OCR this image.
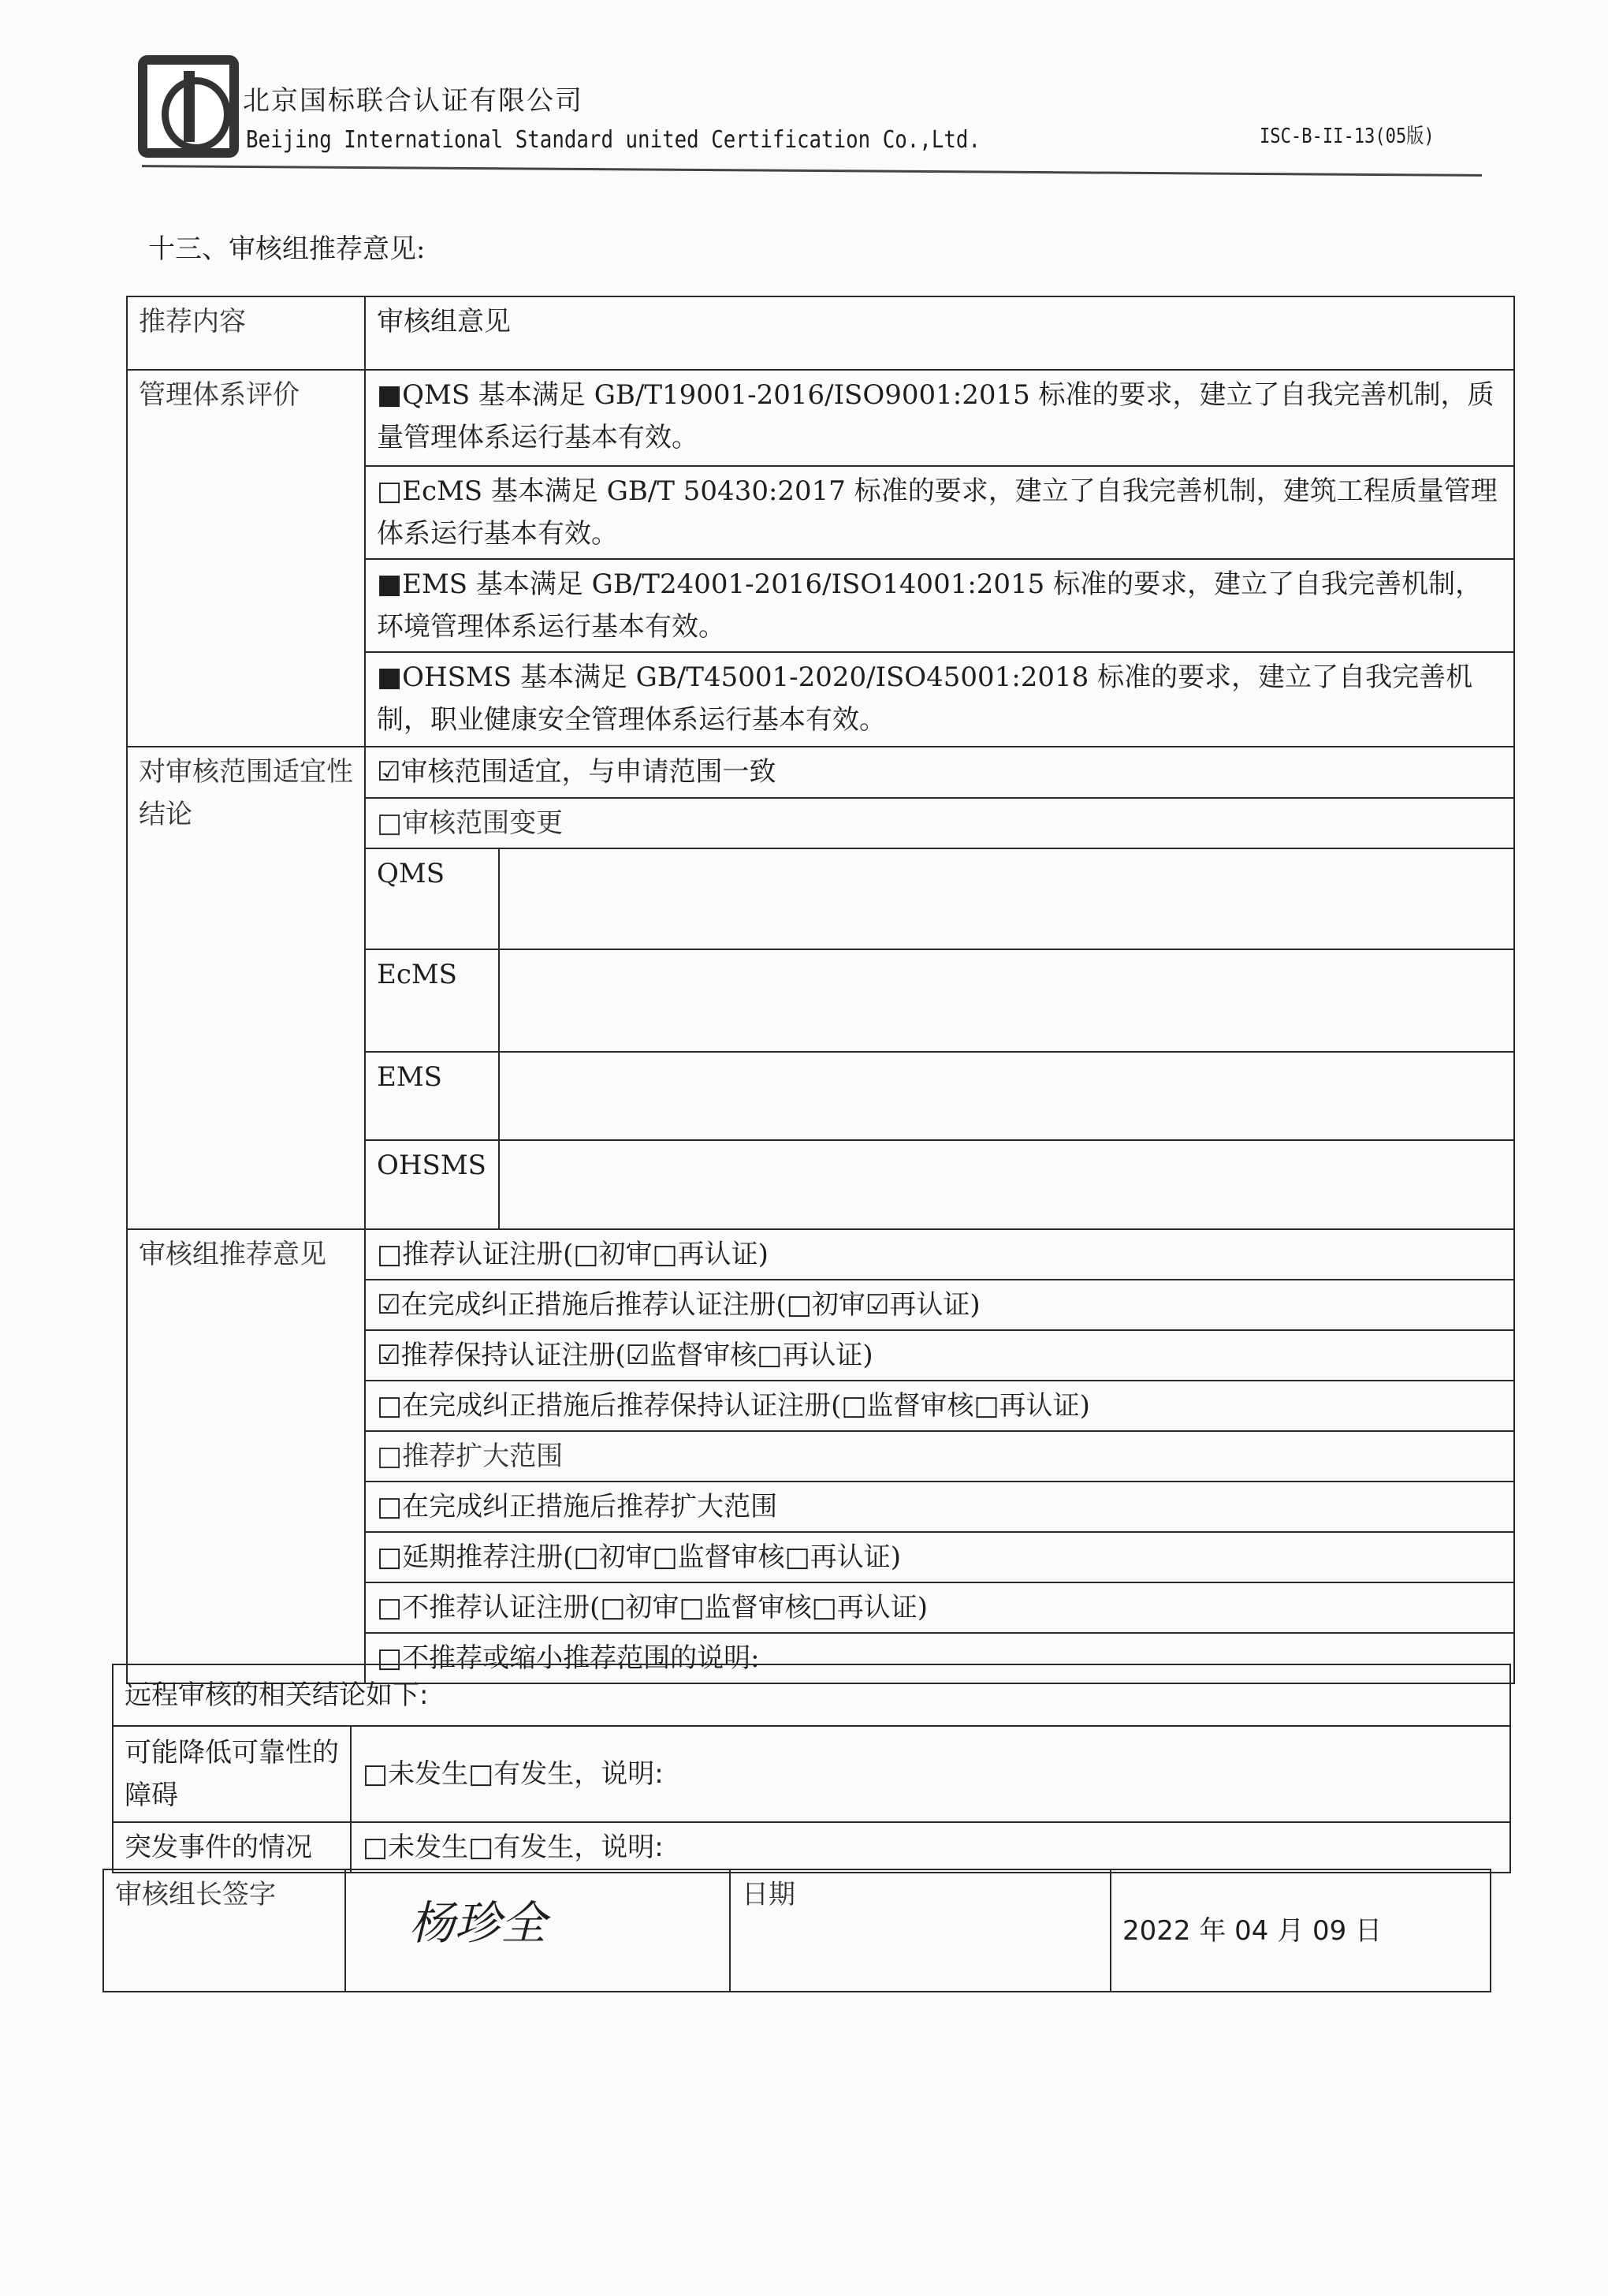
北京国标联合认证有限公司
Beijing International Standard united Certification Co.,Ltd.	ISC-B-II-13(05版)
十三、审核组推荐意见:
推荐内容	审核组意见	
管理体系评价	■QMS 基本满足 GB/T19001-2016/ISO9001:2015 标准的要求，建立了自我完善机制，质量管理体系运行基本有效。	
	□EcMS 基本满足 GB/T 50430:2017 标准的要求，建立了自我完善机制，建筑工程质量管理体系运行基本有效。	
	■EMS 基本满足 GB/T24001-2016/ISO14001:2015 标准的要求，建立了自我完善机制，环境管理体系运行基本有效。	
	■OHSMS 基本满足 GB/T45001-2020/ISO45001:2018 标准的要求，建立了自我完善机制，职业健康安全管理体系运行基本有效。	
对审核范围适宜性结论	☑审核范围适宜，与申请范围一致	
	□审核范围变更	
	QMS	
	EcMS	
	EMS	
	OHSMS	
审核组推荐意见	□推荐认证注册(□初审□再认证)	
	☑在完成纠正措施后推荐认证注册(□初审☑再认证)	
	☑推荐保持认证注册(☑监督审核□再认证)	
	□在完成纠正措施后推荐保持认证注册(□监督审核□再认证)	
	□推荐扩大范围	
	□在完成纠正措施后推荐扩大范围	
	□延期推荐注册(□初审□监督审核□再认证)	
	□不推荐认证注册(□初审□监督审核□再认证)	
	□不推荐或缩小推荐范围的说明:	
远程审核的相关结论如下:	
可能降低可靠性的障碍	□未发生□有发生，说明:
突发事件的情况	□未发生□有发生，说明:
审核组长签字	杨珍全	日期	2022 年 04 月 09 日
